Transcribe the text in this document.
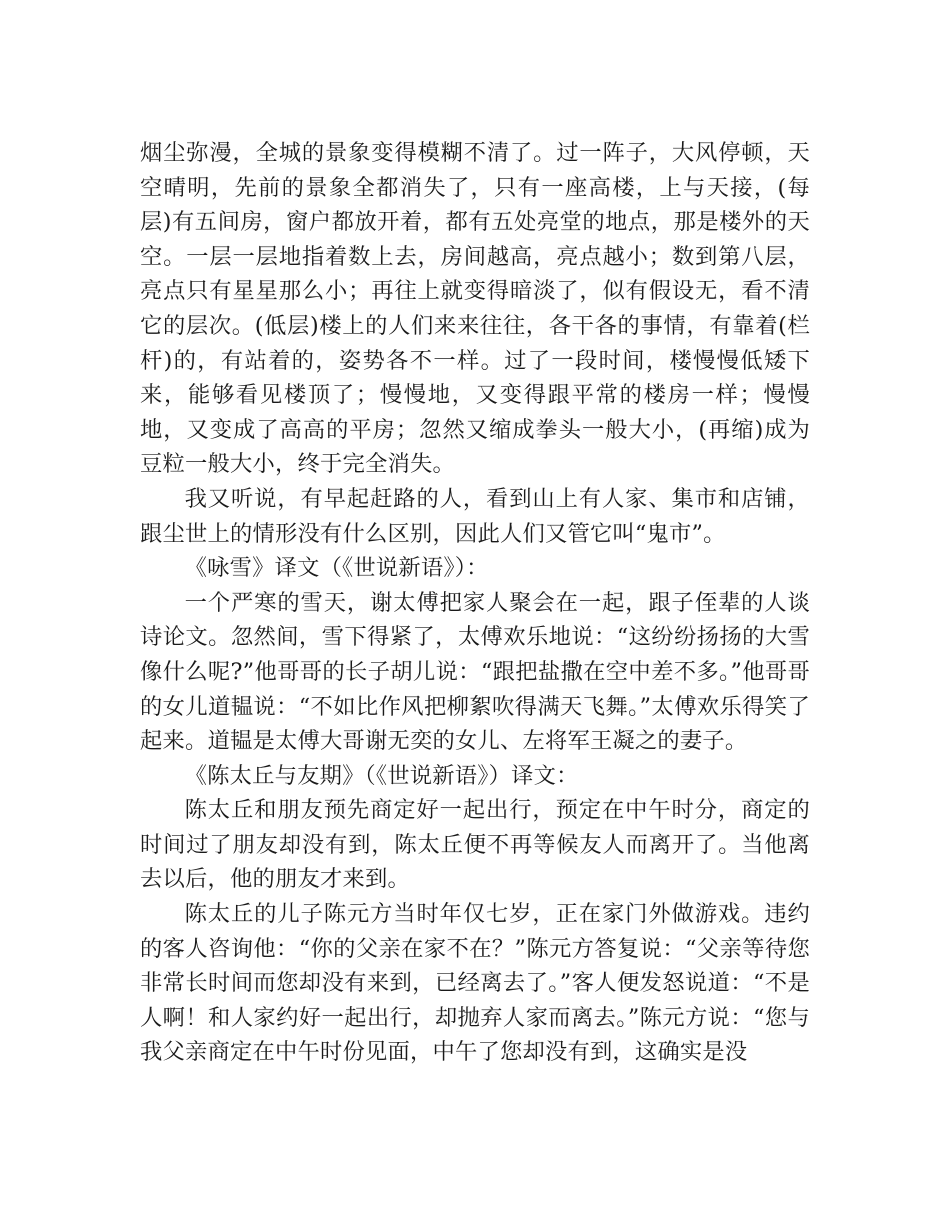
烟尘弥漫，全城的景象变得模糊不清了。过一阵子，大风停顿，天空晴明，先前的景象全都消失了，只有一座高楼，上与天接，(每层)有五间房，窗户都放开着，都有五处亮堂的地点，那是楼外的天空。一层一层地指着数上去，房间越高，亮点越小；数到第八层，亮点只有星星那么小；再往上就变得暗淡了，似有假设无，看不清它的层次。(低层)楼上的人们来来往往，各干各的事情，有靠着(栏杆)的，有站着的，姿势各不一样。过了一段时间，楼慢慢低矮下来，能够看见楼顶了；慢慢地，又变得跟平常的楼房一样；慢慢地，又变成了高高的平房；忽然又缩成拳头一般大小，(再缩)成为豆粒一般大小，终于完全消失。

我又听说，有早起赶路的人，看到山上有人家、集市和店铺，跟尘世上的情形没有什么区别，因此人们又管它叫“鬼市”。

《咏雪》译文（《世说新语》）：

一个严寒的雪天，谢太傅把家人聚会在一起，跟子侄辈的人谈诗论文。忽然间，雪下得紧了，太傅欢乐地说：“这纷纷扬扬的大雪像什么呢?”他哥哥的长子胡儿说：“跟把盐撒在空中差不多。”他哥哥的女儿道韫说：“不如比作风把柳絮吹得满天飞舞。”太傅欢乐得笑了起来。道韫是太傅大哥谢无奕的女儿、左将军王凝之的妻子。

《陈太丘与友期》（《世说新语》）译文：

陈太丘和朋友预先商定好一起出行，预定在中午时分，商定的时间过了朋友却没有到，陈太丘便不再等候友人而离开了。当他离去以后，他的朋友才来到。

陈太丘的儿子陈元方当时年仅七岁，正在家门外做游戏。违约的客人咨询他：“你的父亲在家不在？”陈元方答复说：“父亲等待您非常长时间而您却没有来到，已经离去了。”客人便发怒说道：“不是人啊！和人家约好一起出行，却抛弃人家而离去。”陈元方说：“您与我父亲商定在中午时份见面，中午了您却没有到，这确实是没
